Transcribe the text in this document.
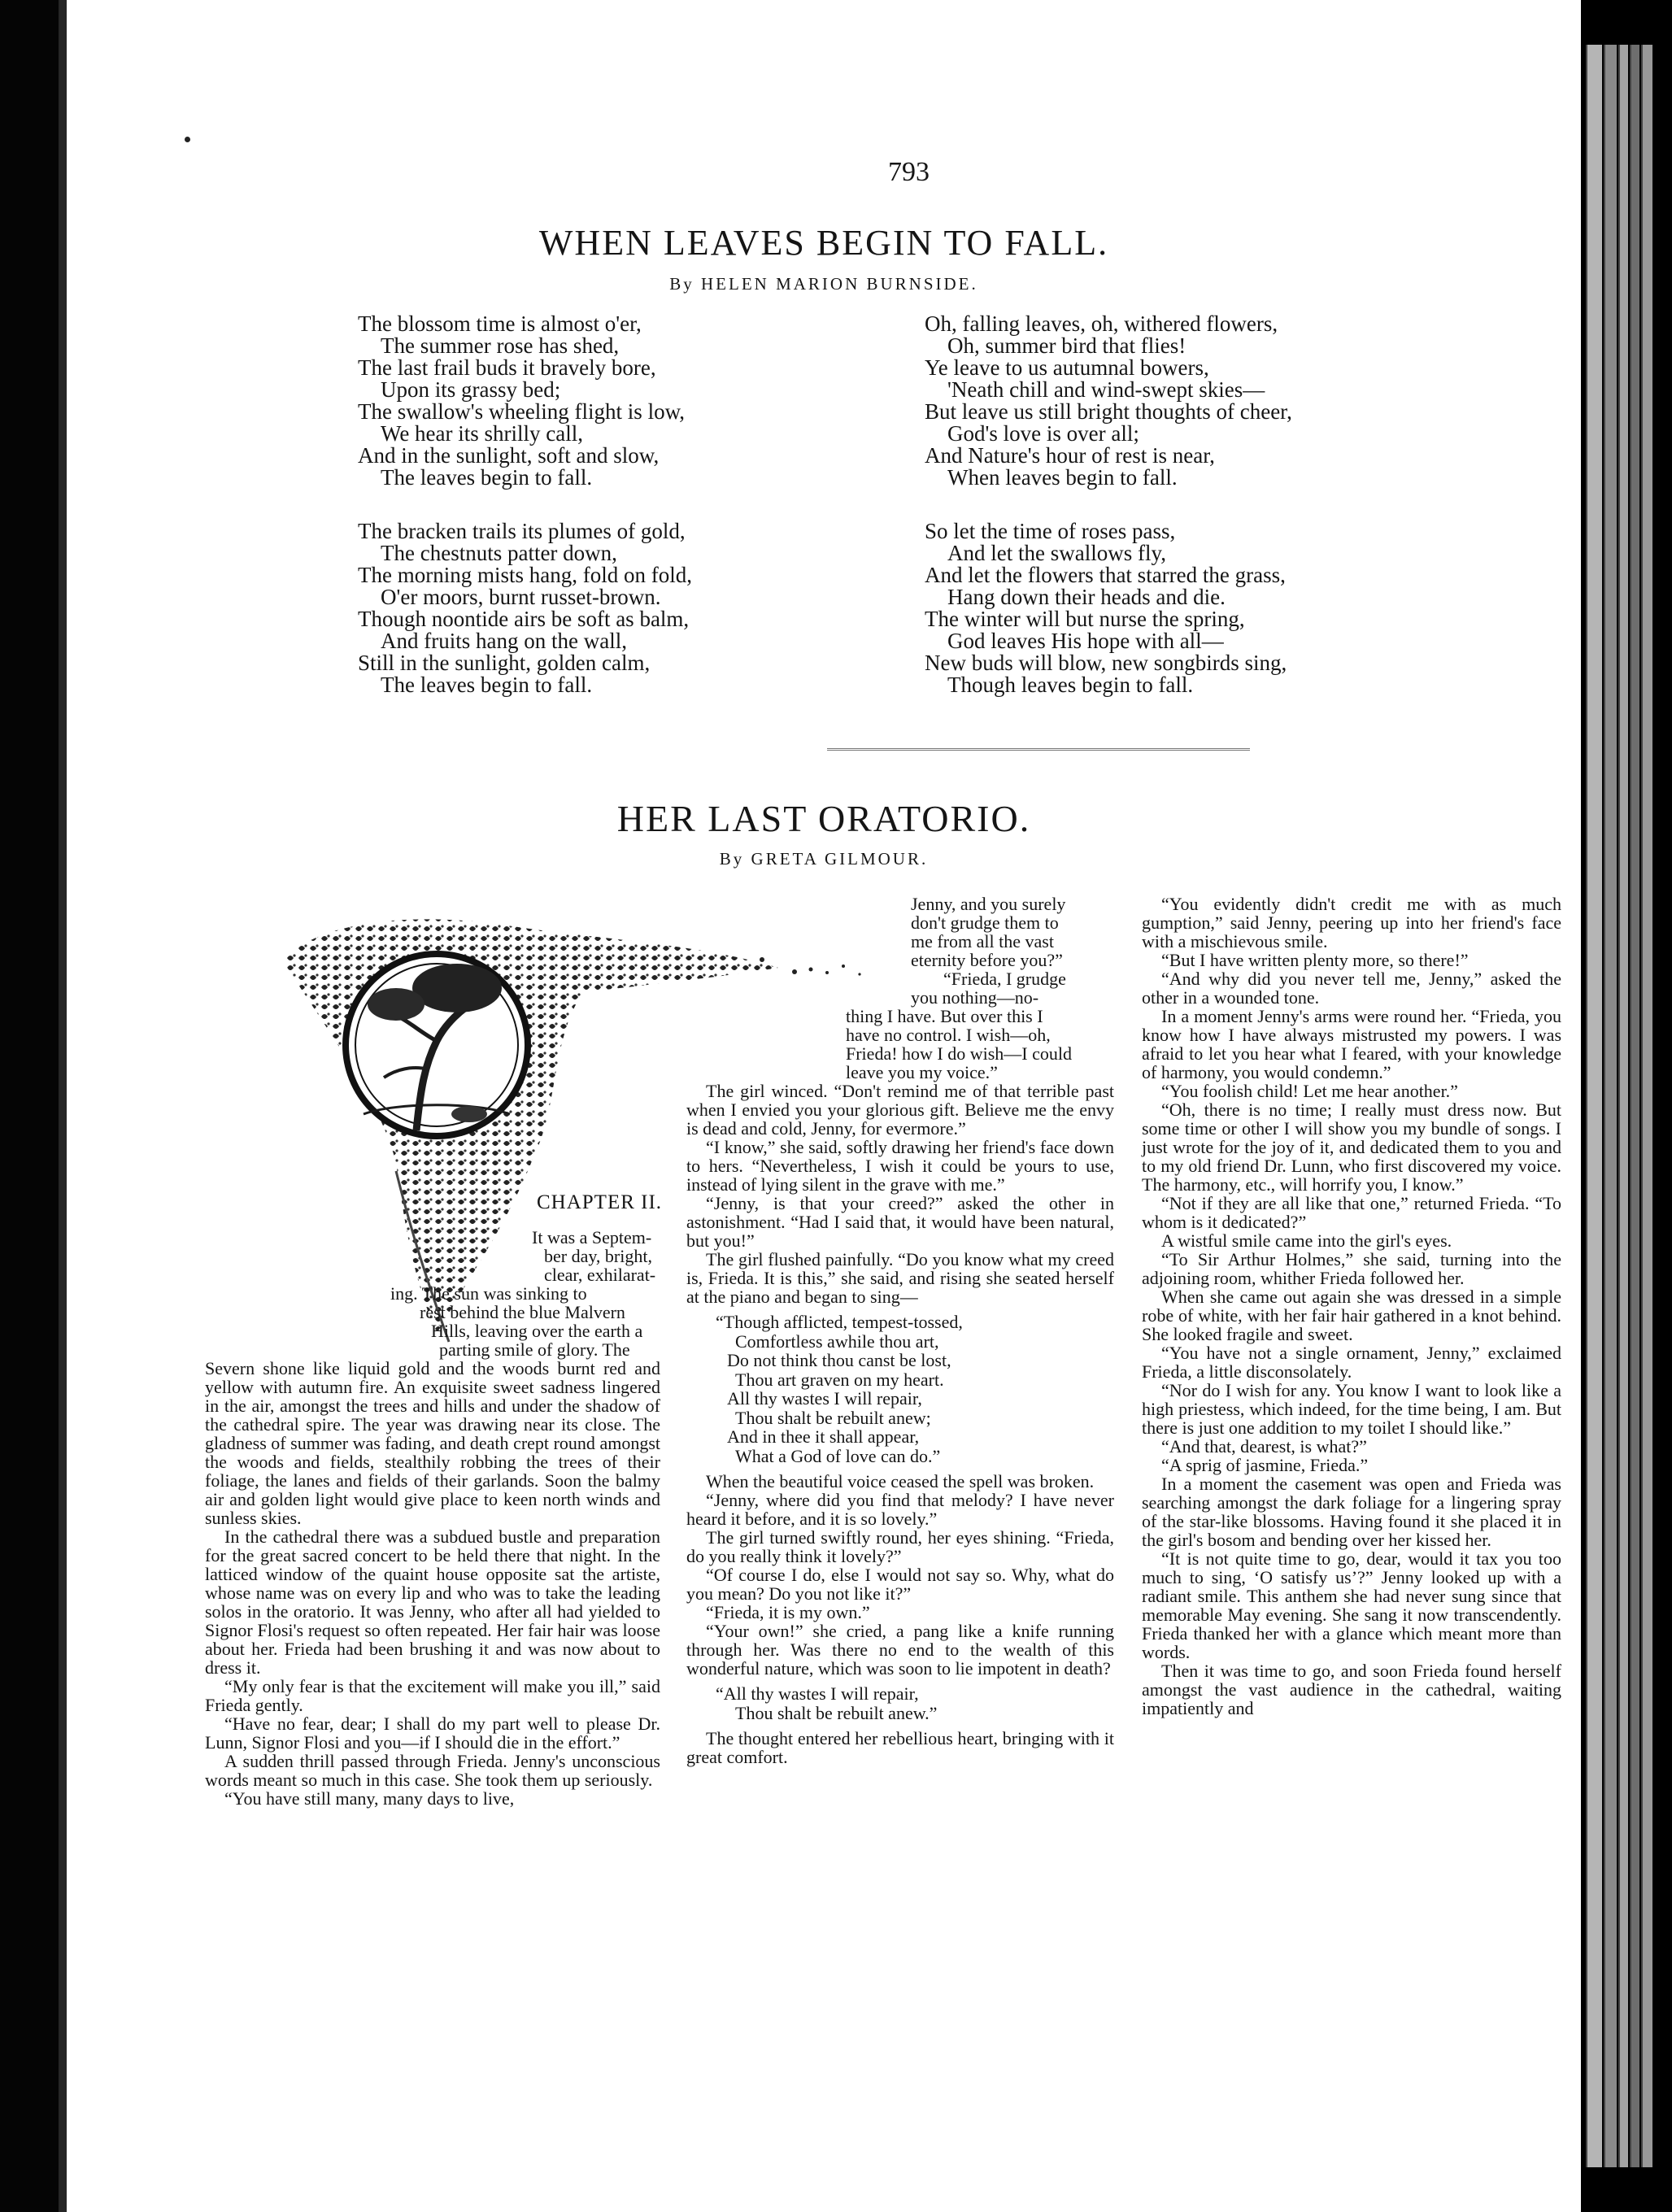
793
WHEN LEAVES BEGIN TO FALL.
By HELEN MARION BURNSIDE.
The blossom time is almost o'er,
The summer rose has shed,
The last frail buds it bravely bore,
Upon its grassy bed;
The swallow's wheeling flight is low,
We hear its shrilly call,
And in the sunlight, soft and slow,
The leaves begin to fall.
The bracken trails its plumes of gold,
The chestnuts patter down,
The morning mists hang, fold on fold,
O'er moors, burnt russet-brown.
Though noontide airs be soft as balm,
And fruits hang on the wall,
Still in the sunlight, golden calm,
The leaves begin to fall.
Oh, falling leaves, oh, withered flowers,
Oh, summer bird that flies!
Ye leave to us autumnal bowers,
'Neath chill and wind-swept skies—
But leave us still bright thoughts of cheer,
God's love is over all;
And Nature's hour of rest is near,
When leaves begin to fall.
So let the time of roses pass,
And let the swallows fly,
And let the flowers that starred the grass,
Hang down their heads and die.
The winter will but nurse the spring,
God leaves His hope with all—
New buds will blow, new songbirds sing,
Though leaves begin to fall.
HER LAST ORATORIO.
By GRETA GILMOUR.
CHAPTER II.
It was a Septem-
ber day, bright,
clear, exhilarat-
ing. The sun was sinking to
rest behind the blue Malvern
Hills, leaving over the earth a
parting smile of glory. The

Severn shone like liquid gold and the woods burnt red and yellow with autumn fire. An exquisite sweet sadness lingered in the air, amongst the trees and hills and under the shadow of the cathedral spire. The year was drawing near its close. The gladness of summer was fading, and death crept round amongst the woods and fields, stealthily robbing the trees of their foliage, the lanes and fields of their garlands. Soon the balmy air and golden light would give place to keen north winds and sunless skies.

In the cathedral there was a subdued bustle and preparation for the great sacred concert to be held there that night. In the latticed window of the quaint house opposite sat the artiste, whose name was on every lip and who was to take the leading solos in the oratorio. It was Jenny, who after all had yielded to Signor Flosi's request so often repeated. Her fair hair was loose about her. Frieda had been brushing it and was now about to dress it.

“My only fear is that the excitement will make you ill,” said Frieda gently.

“Have no fear, dear; I shall do my part well to please Dr. Lunn, Signor Flosi and you—if I should die in the effort.”

A sudden thrill passed through Frieda. Jenny's unconscious words meant so much in this case. She took them up seriously.

“You have still many, many days to live,

Jenny, and you surely
don't grudge them to
me from all the vast
eternity before you?”
“Frieda, I grudge
you nothing—no-
thing I have. But over this I
have no control. I wish—oh,
Frieda! how I do wish—I could
leave you my voice.”

The girl winced. “Don't remind me of that terrible past when I envied you your glorious gift. Believe me the envy is dead and cold, Jenny, for evermore.”

“I know,” she said, softly drawing her friend's face down to hers. “Nevertheless, I wish it could be yours to use, instead of lying silent in the grave with me.”

“Jenny, is that your creed?” asked the other in astonishment. “Had I said that, it would have been natural, but you!”

The girl flushed painfully. “Do you know what my creed is, Frieda. It is this,” she said, and rising she seated herself at the piano and began to sing—

“Though afflicted, tempest-tossed,
Comfortless awhile thou art,
Do not think thou canst be lost,
Thou art graven on my heart.
All thy wastes I will repair,
Thou shalt be rebuilt anew;
And in thee it shall appear,
What a God of love can do.”

When the beautiful voice ceased the spell was broken.

“Jenny, where did you find that melody? I have never heard it before, and it is so lovely.”

The girl turned swiftly round, her eyes shining. “Frieda, do you really think it lovely?”

“Of course I do, else I would not say so. Why, what do you mean? Do you not like it?”

“Frieda, it is my own.”

“Your own!” she cried, a pang like a knife running through her. Was there no end to the wealth of this wonderful nature, which was soon to lie impotent in death?

“All thy wastes I will repair,
Thou shalt be rebuilt anew.”

The thought entered her rebellious heart, bringing with it great comfort.

“You evidently didn't credit me with as much gumption,” said Jenny, peering up into her friend's face with a mischievous smile.

“But I have written plenty more, so there!”

“And why did you never tell me, Jenny,” asked the other in a wounded tone.

In a moment Jenny's arms were round her. “Frieda, you know how I have always mistrusted my powers. I was afraid to let you hear what I feared, with your knowledge of harmony, you would condemn.”

“You foolish child! Let me hear another.”

“Oh, there is no time; I really must dress now. But some time or other I will show you my bundle of songs. I just wrote for the joy of it, and dedicated them to you and to my old friend Dr. Lunn, who first discovered my voice. The harmony, etc., will horrify you, I know.”

“Not if they are all like that one,” returned Frieda. “To whom is it dedicated?”

A wistful smile came into the girl's eyes.

“To Sir Arthur Holmes,” she said, turning into the adjoining room, whither Frieda followed her.

When she came out again she was dressed in a simple robe of white, with her fair hair gathered in a knot behind. She looked fragile and sweet.

“You have not a single ornament, Jenny,” exclaimed Frieda, a little disconsolately.

“Nor do I wish for any. You know I want to look like a high priestess, which indeed, for the time being, I am. But there is just one addition to my toilet I should like.”

“And that, dearest, is what?”

“A sprig of jasmine, Frieda.”

In a moment the casement was open and Frieda was searching amongst the dark foliage for a lingering spray of the star-like blossoms. Having found it she placed it in the girl's bosom and bending over her kissed her.

“It is not quite time to go, dear, would it tax you too much to sing, ‘O satisfy us’?” Jenny looked up with a radiant smile. This anthem she had never sung since that memorable May evening. She sang it now transcendently. Frieda thanked her with a glance which meant more than words.

Then it was time to go, and soon Frieda found herself amongst the vast audience in the cathedral, waiting impatiently and
